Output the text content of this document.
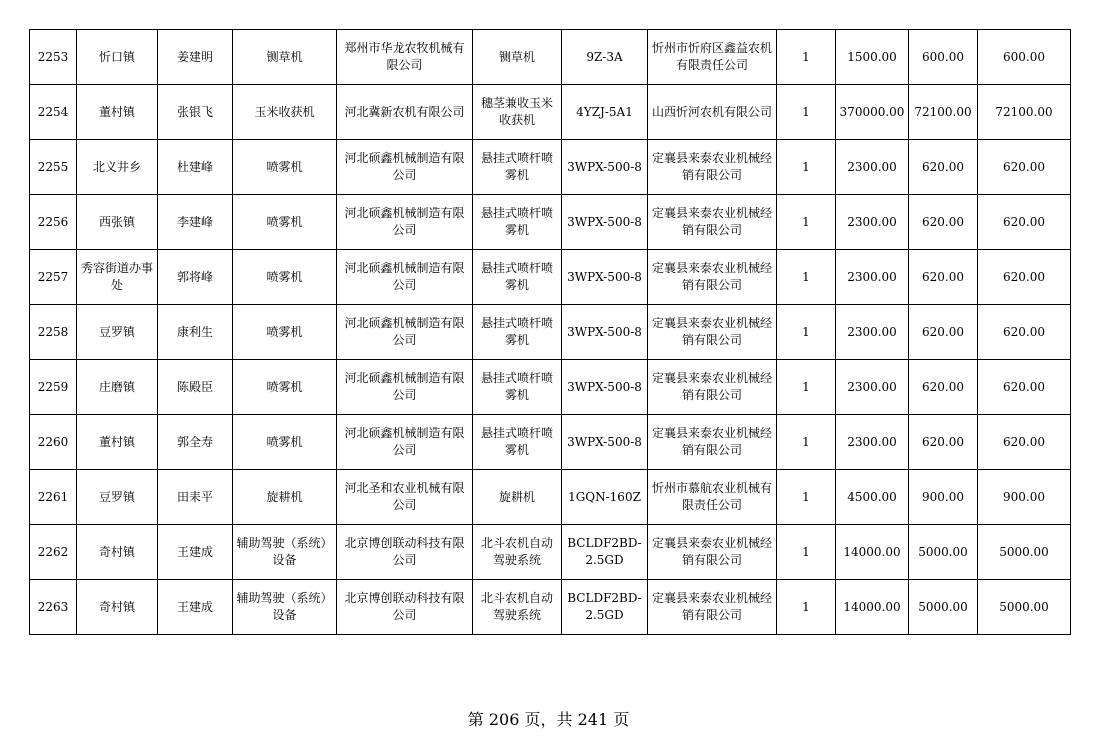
2253	忻口镇	姜建明	铡草机	郑州市华龙农牧机械有限公司	铡草机	9Z-3A	忻州市忻府区鑫益农机有限责任公司	1	1500.00	600.00	600.00
2254	董村镇	张银飞	玉米收获机	河北冀新农机有限公司	穗茎兼收玉米收获机	4YZJ-5A1	山西忻河农机有限公司	1	370000.00	72100.00	72100.00
2255	北义井乡	杜建峰	喷雾机	河北硕鑫机械制造有限公司	悬挂式喷杆喷雾机	3WPX-500-8	定襄县来泰农业机械经销有限公司	1	2300.00	620.00	620.00
2256	西张镇	李建峰	喷雾机	河北硕鑫机械制造有限公司	悬挂式喷杆喷雾机	3WPX-500-8	定襄县来泰农业机械经销有限公司	1	2300.00	620.00	620.00
2257	秀容街道办事处	郭将峰	喷雾机	河北硕鑫机械制造有限公司	悬挂式喷杆喷雾机	3WPX-500-8	定襄县来泰农业机械经销有限公司	1	2300.00	620.00	620.00
2258	豆罗镇	康利生	喷雾机	河北硕鑫机械制造有限公司	悬挂式喷杆喷雾机	3WPX-500-8	定襄县来泰农业机械经销有限公司	1	2300.00	620.00	620.00
2259	庄磨镇	陈殿臣	喷雾机	河北硕鑫机械制造有限公司	悬挂式喷杆喷雾机	3WPX-500-8	定襄县来泰农业机械经销有限公司	1	2300.00	620.00	620.00
2260	董村镇	郭全寿	喷雾机	河北硕鑫机械制造有限公司	悬挂式喷杆喷雾机	3WPX-500-8	定襄县来泰农业机械经销有限公司	1	2300.00	620.00	620.00
2261	豆罗镇	田耒平	旋耕机	河北圣和农业机械有限公司	旋耕机	1GQN-160Z	忻州市慕航农业机械有限责任公司	1	4500.00	900.00	900.00
2262	奇村镇	王建成	辅助驾驶（系统）设备	北京博创联动科技有限公司	北斗农机自动驾驶系统	BCLDF2BD-2.5GD	定襄县来泰农业机械经销有限公司	1	14000.00	5000.00	5000.00
2263	奇村镇	王建成	辅助驾驶（系统）设备	北京博创联动科技有限公司	北斗农机自动驾驶系统	BCLDF2BD-2.5GD	定襄县来泰农业机械经销有限公司	1	14000.00	5000.00	5000.00
第 206 页，共 241 页
